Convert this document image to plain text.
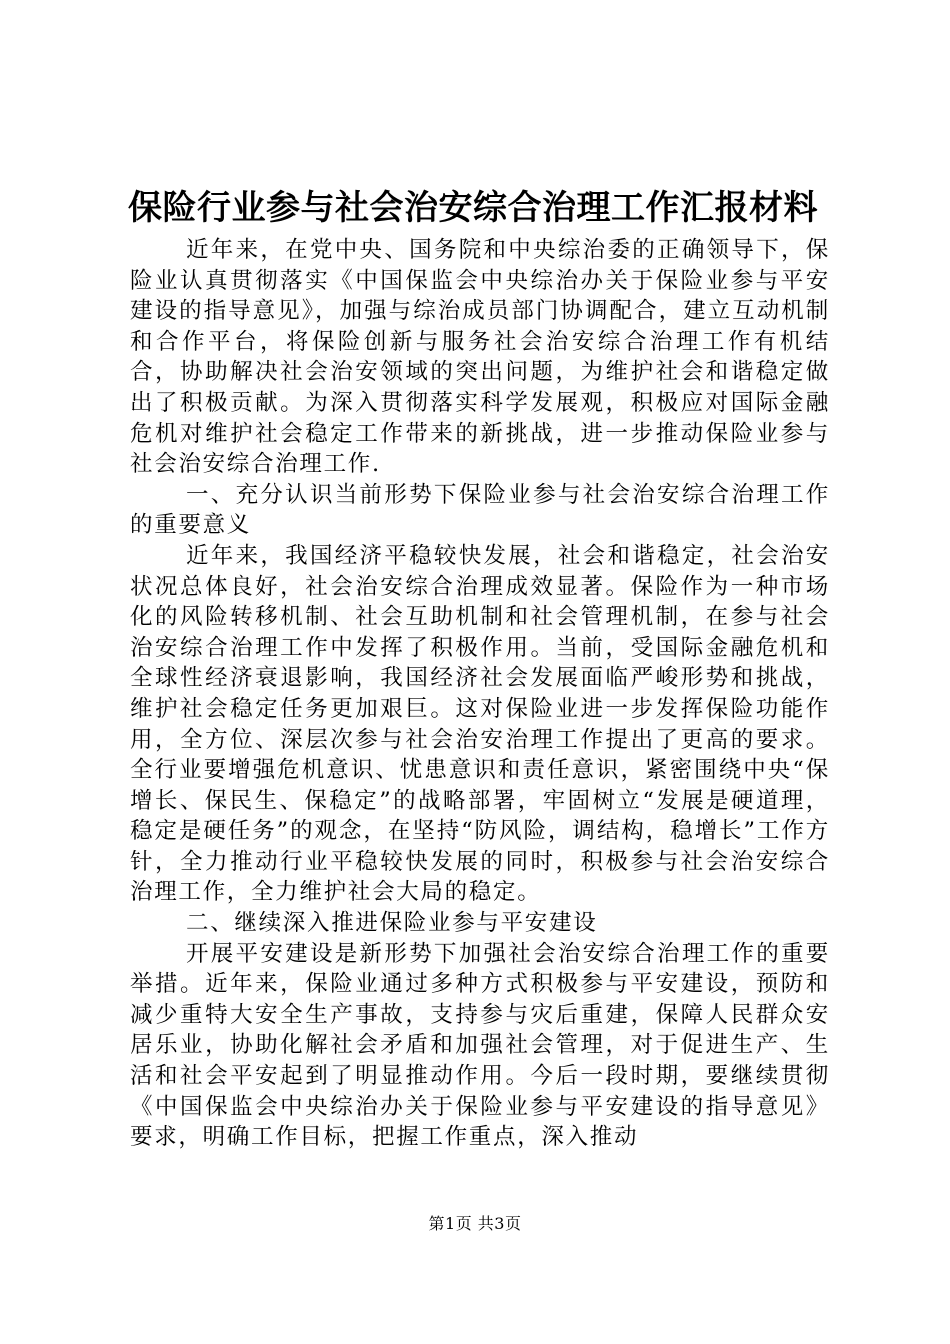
保险行业参与社会治安综合治理工作汇报材料

近年来，在党中央、国务院和中央综治委的正确领导下，保险业认真贯彻落实《中国保监会中央综治办关于保险业参与平安建设的指导意见》，加强与综治成员部门协调配合，建立互动机制和合作平台，将保险创新与服务社会治安综合治理工作有机结合，协助解决社会治安领域的突出问题，为维护社会和谐稳定做出了积极贡献。为深入贯彻落实科学发展观，积极应对国际金融危机对维护社会稳定工作带来的新挑战，进一步推动保险业参与社会治安综合治理工作.

一、充分认识当前形势下保险业参与社会治安综合治理工作的重要意义

近年来，我国经济平稳较快发展，社会和谐稳定，社会治安状况总体良好，社会治安综合治理成效显著。保险作为一种市场化的风险转移机制、社会互助机制和社会管理机制，在参与社会治安综合治理工作中发挥了积极作用。当前，受国际金融危机和全球性经济衰退影响，我国经济社会发展面临严峻形势和挑战，维护社会稳定任务更加艰巨。这对保险业进一步发挥保险功能作用，全方位、深层次参与社会治安治理工作提出了更高的要求。全行业要增强危机意识、忧患意识和责任意识，紧密围绕中央“保增长、保民生、保稳定”的战略部署，牢固树立“发展是硬道理，稳定是硬任务”的观念，在坚持“防风险，调结构，稳增长”工作方针，全力推动行业平稳较快发展的同时，积极参与社会治安综合治理工作，全力维护社会大局的稳定。

二、继续深入推进保险业参与平安建设

开展平安建设是新形势下加强社会治安综合治理工作的重要举措。近年来，保险业通过多种方式积极参与平安建设，预防和减少重特大安全生产事故，支持参与灾后重建，保障人民群众安居乐业，协助化解社会矛盾和加强社会管理，对于促进生产、生活和社会平安起到了明显推动作用。今后一段时期，要继续贯彻《中国保监会中央综治办关于保险业参与平安建设的指导意见》要求，明确工作目标，把握工作重点，深入推动

第1页 共3页
